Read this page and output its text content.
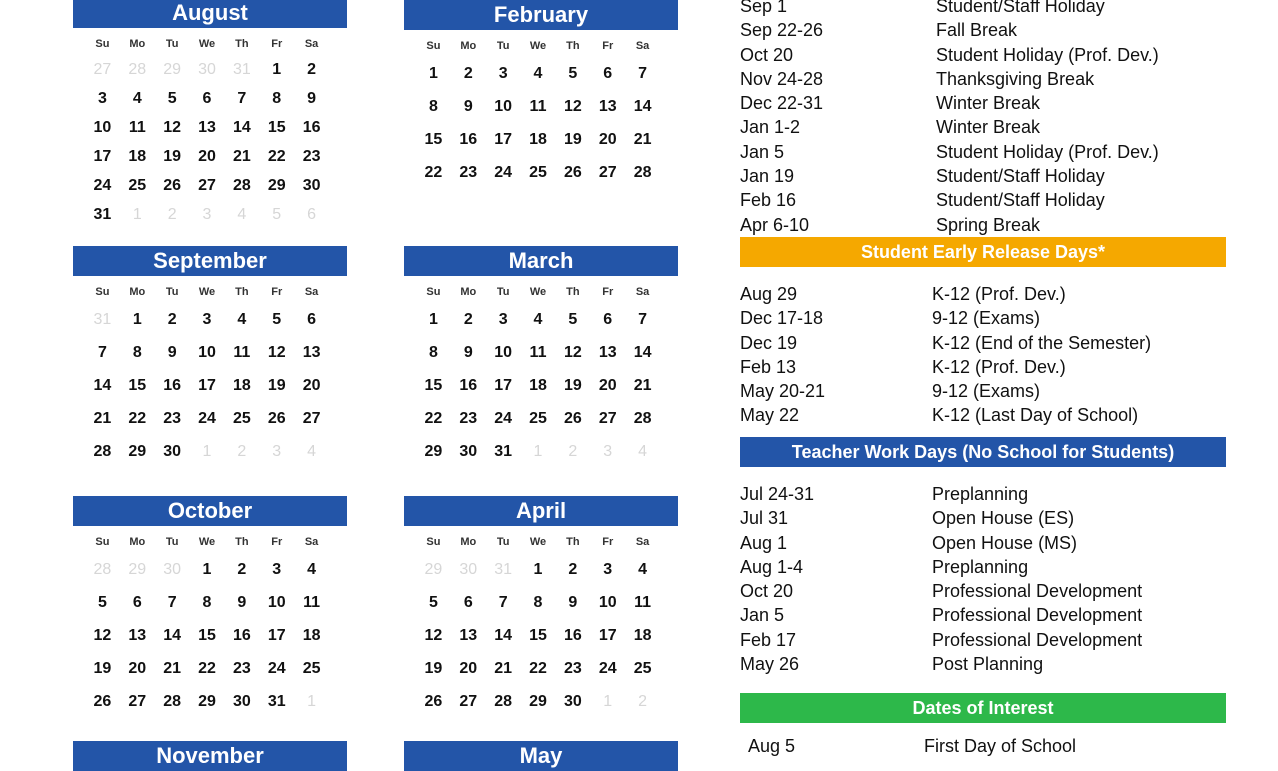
August
Su	Mo	Tu	We	Th	Fr	Sa
27	28	29	30	31	1	2
3	4	5	6	7	8	9
10	11	12	13	14	15	16
17	18	19	20	21	22	23
24	25	26	27	28	29	30
31	1	2	3	4	5	6
February
Su	Mo	Tu	We	Th	Fr	Sa
1	2	3	4	5	6	7
8	9	10	11	12	13	14
15	16	17	18	19	20	21
22	23	24	25	26	27	28
September
Su	Mo	Tu	We	Th	Fr	Sa
31	1	2	3	4	5	6
7	8	9	10	11	12	13
14	15	16	17	18	19	20
21	22	23	24	25	26	27
28	29	30	1	2	3	4
March
Su	Mo	Tu	We	Th	Fr	Sa
1	2	3	4	5	6	7
8	9	10	11	12	13	14
15	16	17	18	19	20	21
22	23	24	25	26	27	28
29	30	31	1	2	3	4
October
Su	Mo	Tu	We	Th	Fr	Sa
28	29	30	1	2	3	4
5	6	7	8	9	10	11
12	13	14	15	16	17	18
19	20	21	22	23	24	25
26	27	28	29	30	31	1
April
Su	Mo	Tu	We	Th	Fr	Sa
29	30	31	1	2	3	4
5	6	7	8	9	10	11
12	13	14	15	16	17	18
19	20	21	22	23	24	25
26	27	28	29	30	1	2
November	May
Sep 1	Student/Staff Holiday
Sep 22-26	Fall Break
Oct 20	Student Holiday (Prof. Dev.)
Nov 24-28	Thanksgiving Break
Dec 22-31	Winter Break
Jan 1-2	Winter Break
Jan 5	Student Holiday (Prof. Dev.)
Jan 19	Student/Staff Holiday
Feb 16	Student/Staff Holiday
Apr 6-10	Spring Break
Student Early Release Days*
Aug 29	K-12 (Prof. Dev.)
Dec 17-18	9-12 (Exams)
Dec 19	K-12 (End of the Semester)
Feb 13	K-12 (Prof. Dev.)
May 20-21	9-12 (Exams)
May 22	K-12 (Last Day of School)
Teacher Work Days (No School for Students)
Jul 24-31	Preplanning
Jul 31	Open House (ES)
Aug 1	Open House (MS)
Aug 1-4	Preplanning
Oct 20	Professional Development
Jan 5	Professional Development
Feb 17	Professional Development
May 26	Post Planning
Dates of Interest
Aug 5	First Day of School
